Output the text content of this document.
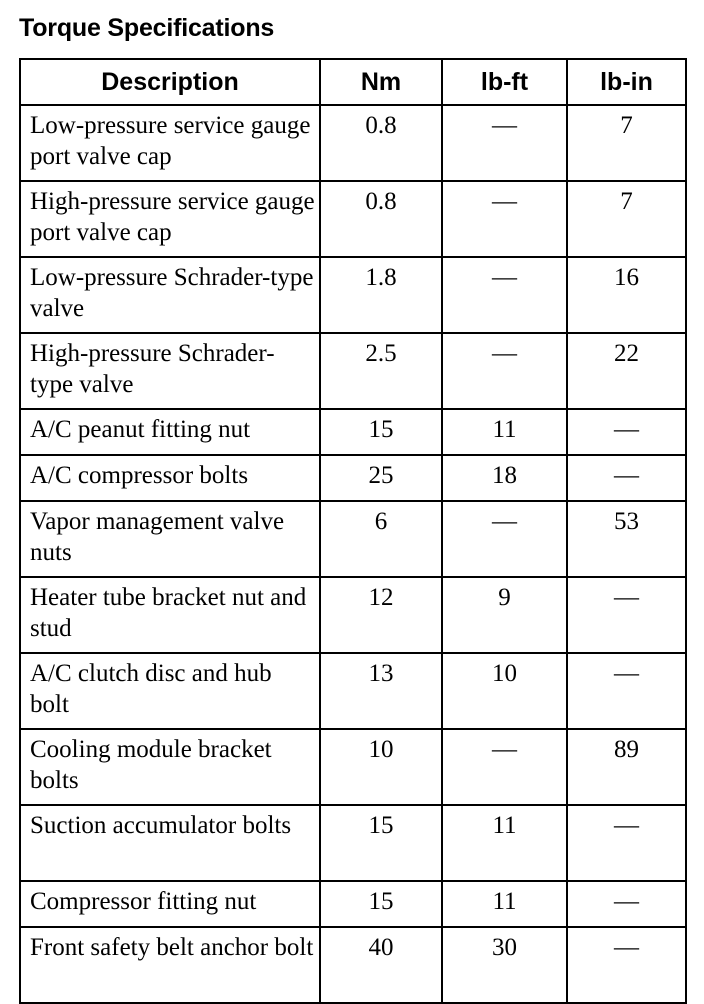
Torque Specifications
Description	Nm	lb-ft	lb-in
Low-pressure service gauge port valve cap	0.8	—	7
High-pressure service gauge port valve cap	0.8	—	7
Low-pressure Schrader-type valve	1.8	—	16
High-pressure Schrader-type valve	2.5	—	22
A/C peanut fitting nut	15	11	—
A/C compressor bolts	25	18	—
Vapor management valve nuts	6	—	53
Heater tube bracket nut and stud	12	9	—
A/C clutch disc and hub bolt	13	10	—
Cooling module bracket bolts	10	—	89
Suction accumulator bolts	15	11	—
Compressor fitting nut	15	11	—
Front safety belt anchor bolt	40	30	—
